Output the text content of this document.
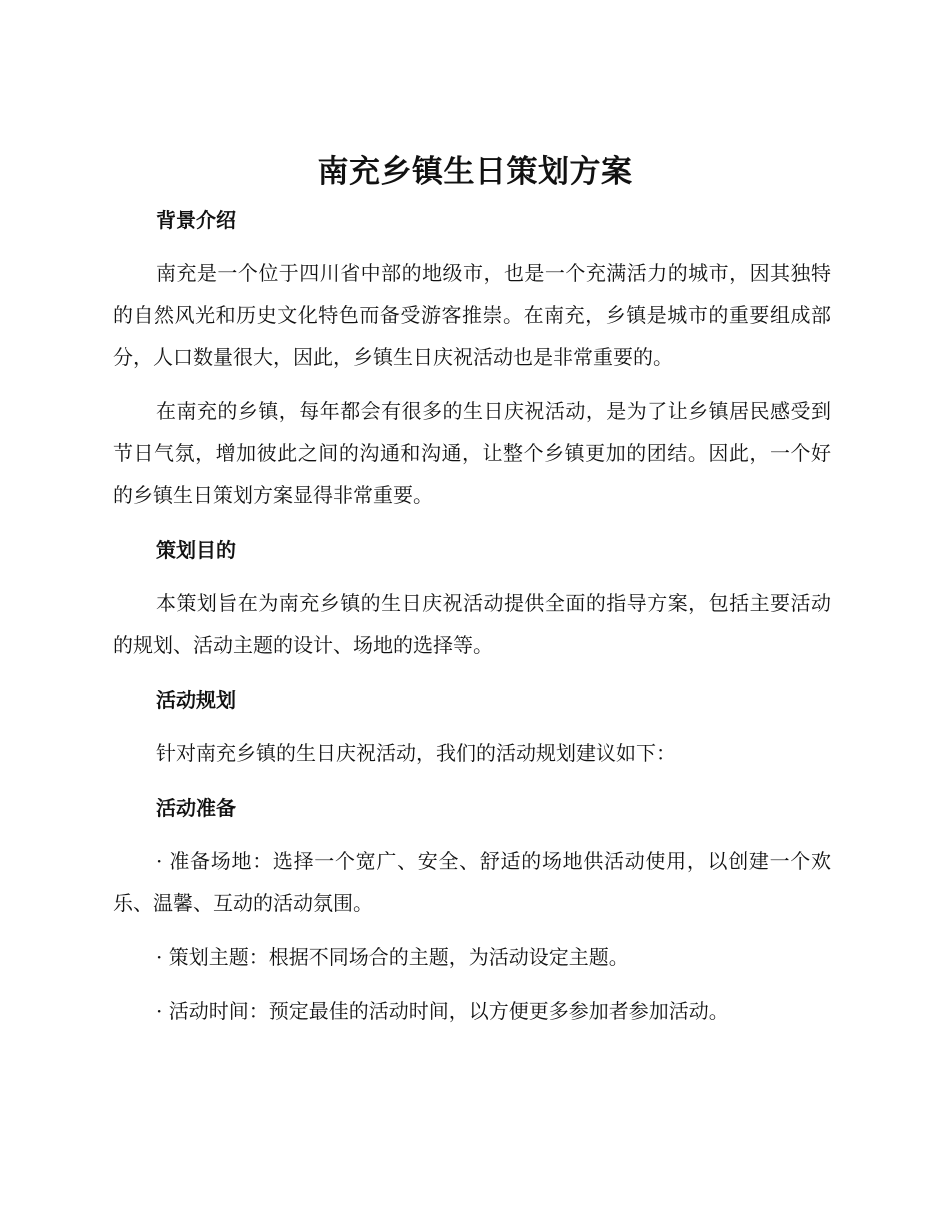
南充乡镇生日策划方案
背景介绍

南充是一个位于四川省中部的地级市，也是一个充满活力的城市，因其独特的自然风光和历史文化特色而备受游客推崇。在南充，乡镇是城市的重要组成部分，人口数量很大，因此，乡镇生日庆祝活动也是非常重要的。

在南充的乡镇，每年都会有很多的生日庆祝活动，是为了让乡镇居民感受到节日气氛，增加彼此之间的沟通和沟通，让整个乡镇更加的团结。因此，一个好的乡镇生日策划方案显得非常重要。

策划目的

本策划旨在为南充乡镇的生日庆祝活动提供全面的指导方案，包括主要活动的规划、活动主题的设计、场地的选择等。

活动规划

针对南充乡镇的生日庆祝活动，我们的活动规划建议如下：

活动准备

· 准备场地：选择一个宽广、安全、舒适的场地供活动使用，以创建一个欢乐、温馨、互动的活动氛围。

· 策划主题：根据不同场合的主题，为活动设定主题。

· 活动时间：预定最佳的活动时间，以方便更多参加者参加活动。
